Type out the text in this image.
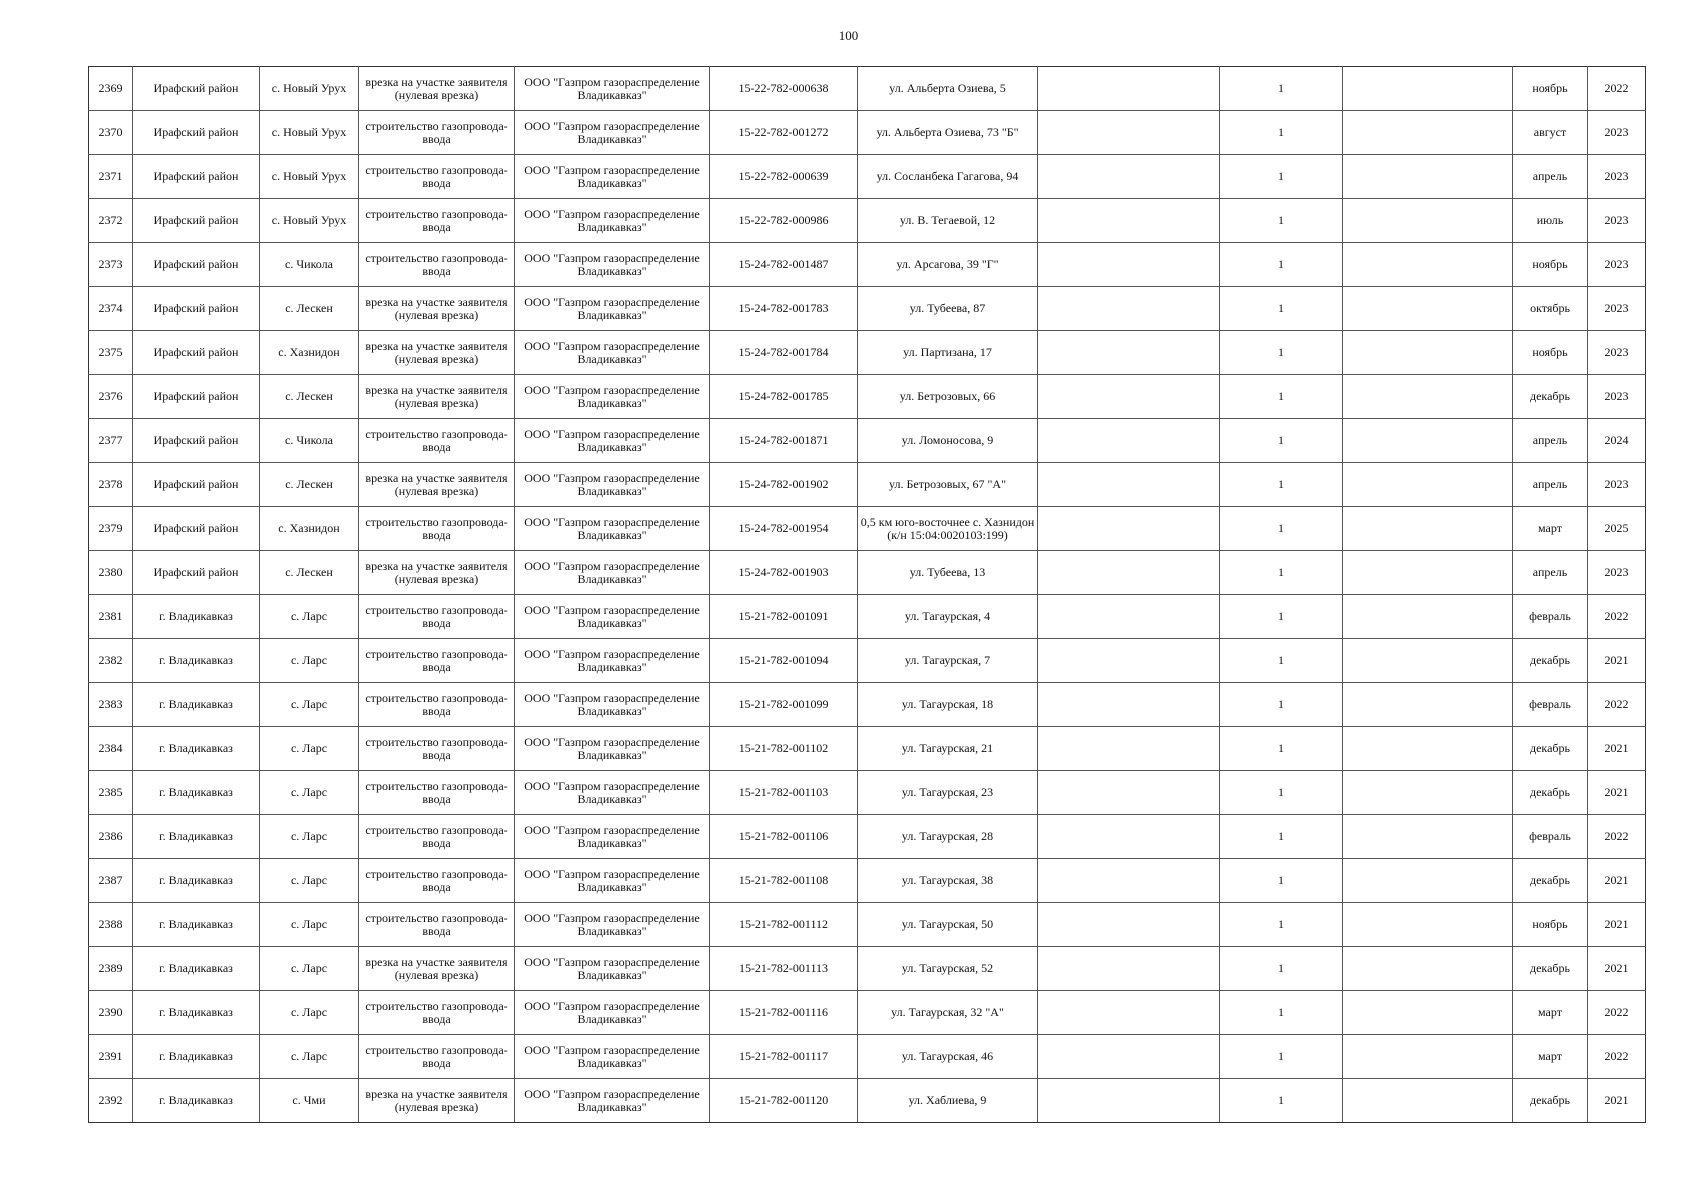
100
2369	Ирафский район	с. Новый Урух	врезка на участке заявителя (нулевая врезка)	ООО "Газпром газораспределение Владикавказ"	15-22-782-000638	ул. Альберта Озиева, 5		1		ноябрь	2022
2370	Ирафский район	с. Новый Урух	строительство газопровода-ввода	ООО "Газпром газораспределение Владикавказ"	15-22-782-001272	ул. Альберта Озиева, 73 "Б"		1		август	2023
2371	Ирафский район	с. Новый Урух	строительство газопровода-ввода	ООО "Газпром газораспределение Владикавказ"	15-22-782-000639	ул. Сосланбека Гагагова, 94		1		апрель	2023
2372	Ирафский район	с. Новый Урух	строительство газопровода-ввода	ООО "Газпром газораспределение Владикавказ"	15-22-782-000986	ул. В. Тегаевой, 12		1		июль	2023
2373	Ирафский район	с. Чикола	строительство газопровода-ввода	ООО "Газпром газораспределение Владикавказ"	15-24-782-001487	ул. Арсагова, 39 "Г"		1		ноябрь	2023
2374	Ирафский район	с. Лескен	врезка на участке заявителя (нулевая врезка)	ООО "Газпром газораспределение Владикавказ"	15-24-782-001783	ул. Тубеева, 87		1		октябрь	2023
2375	Ирафский район	с. Хазнидон	врезка на участке заявителя (нулевая врезка)	ООО "Газпром газораспределение Владикавказ"	15-24-782-001784	ул. Партизана, 17		1		ноябрь	2023
2376	Ирафский район	с. Лескен	врезка на участке заявителя (нулевая врезка)	ООО "Газпром газораспределение Владикавказ"	15-24-782-001785	ул. Бетрозовых, 66		1		декабрь	2023
2377	Ирафский район	с. Чикола	строительство газопровода-ввода	ООО "Газпром газораспределение Владикавказ"	15-24-782-001871	ул. Ломоносова, 9		1		апрель	2024
2378	Ирафский район	с. Лескен	врезка на участке заявителя (нулевая врезка)	ООО "Газпром газораспределение Владикавказ"	15-24-782-001902	ул. Бетрозовых, 67 "А"		1		апрель	2023
2379	Ирафский район	с. Хазнидон	строительство газопровода-ввода	ООО "Газпром газораспределение Владикавказ"	15-24-782-001954	0,5 км юго-восточнее с. Хазнидон (к/н 15:04:0020103:199)		1		март	2025
2380	Ирафский район	с. Лескен	врезка на участке заявителя (нулевая врезка)	ООО "Газпром газораспределение Владикавказ"	15-24-782-001903	ул. Тубеева, 13		1		апрель	2023
2381	г. Владикавказ	с. Ларс	строительство газопровода-ввода	ООО "Газпром газораспределение Владикавказ"	15-21-782-001091	ул. Тагаурская, 4		1		февраль	2022
2382	г. Владикавказ	с. Ларс	строительство газопровода-ввода	ООО "Газпром газораспределение Владикавказ"	15-21-782-001094	ул. Тагаурская, 7		1		декабрь	2021
2383	г. Владикавказ	с. Ларс	строительство газопровода-ввода	ООО "Газпром газораспределение Владикавказ"	15-21-782-001099	ул. Тагаурская, 18		1		февраль	2022
2384	г. Владикавказ	с. Ларс	строительство газопровода-ввода	ООО "Газпром газораспределение Владикавказ"	15-21-782-001102	ул. Тагаурская, 21		1		декабрь	2021
2385	г. Владикавказ	с. Ларс	строительство газопровода-ввода	ООО "Газпром газораспределение Владикавказ"	15-21-782-001103	ул. Тагаурская, 23		1		декабрь	2021
2386	г. Владикавказ	с. Ларс	строительство газопровода-ввода	ООО "Газпром газораспределение Владикавказ"	15-21-782-001106	ул. Тагаурская, 28		1		февраль	2022
2387	г. Владикавказ	с. Ларс	строительство газопровода-ввода	ООО "Газпром газораспределение Владикавказ"	15-21-782-001108	ул. Тагаурская, 38		1		декабрь	2021
2388	г. Владикавказ	с. Ларс	строительство газопровода-ввода	ООО "Газпром газораспределение Владикавказ"	15-21-782-001112	ул. Тагаурская, 50		1		ноябрь	2021
2389	г. Владикавказ	с. Ларс	врезка на участке заявителя (нулевая врезка)	ООО "Газпром газораспределение Владикавказ"	15-21-782-001113	ул. Тагаурская, 52		1		декабрь	2021
2390	г. Владикавказ	с. Ларс	строительство газопровода-ввода	ООО "Газпром газораспределение Владикавказ"	15-21-782-001116	ул. Тагаурская, 32 "А"		1		март	2022
2391	г. Владикавказ	с. Ларс	строительство газопровода-ввода	ООО "Газпром газораспределение Владикавказ"	15-21-782-001117	ул. Тагаурская, 46		1		март	2022
2392	г. Владикавказ	с. Чми	врезка на участке заявителя (нулевая врезка)	ООО "Газпром газораспределение Владикавказ"	15-21-782-001120	ул. Хаблиева, 9		1		декабрь	2021
